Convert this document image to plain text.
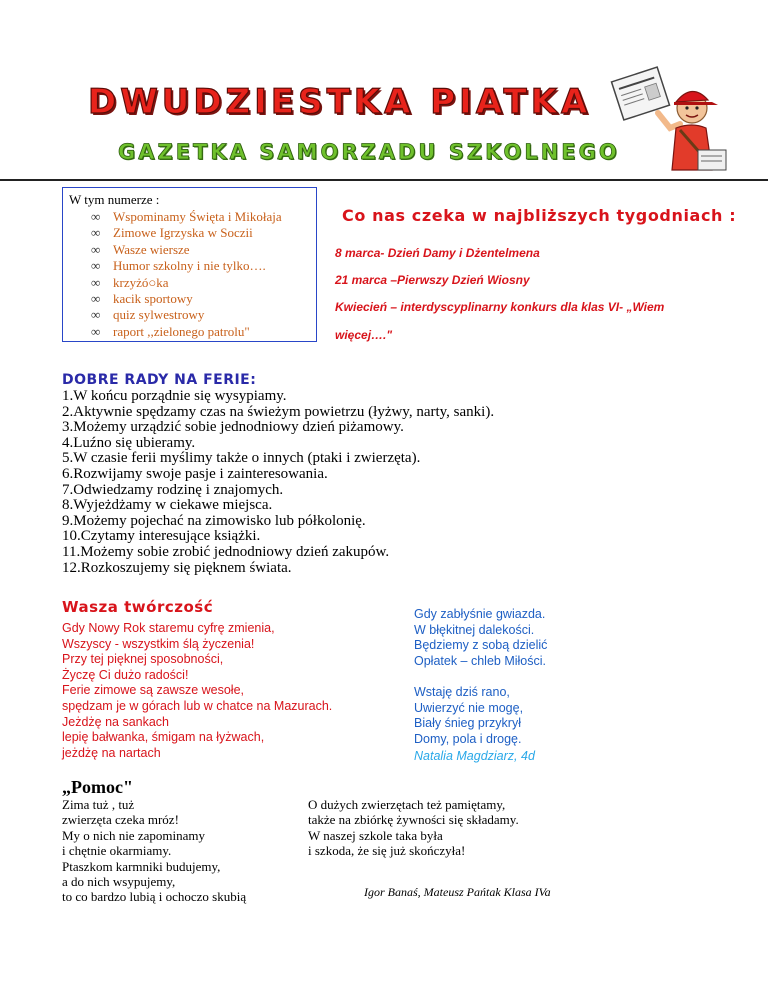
DWUDZIESTKA PIATKA
GAZETKA SAMORZADU SZKOLNEGO
W tym numerze :
∞ Wspominamy Święta i Mikołaja
∞ Zimowe Igrzyska w Soczii
∞ Wasze wiersze
∞ Humor szkolny i nie tylko….
∞ krzyżó○ka
∞ kacik sportowy
∞ quiz sylwestrowy
∞ raport ,,zielonego patrolu"
Co nas czeka w najbliższych tygodniach :
8 marca- Dzień Damy i Dżentelmena
21 marca –Pierwszy Dzień Wiosny
Kwiecień – interdyscyplinarny konkurs dla klas VI- „Wiem
więcej…."
DOBRE RADY NA FERIE:
1.W końcu porządnie się wysypiamy.
2.Aktywnie spędzamy czas na świeżym powietrzu (łyżwy, narty, sanki).
3.Możemy urządzić sobie jednodniowy dzień piżamowy.
4.Luźno się ubieramy.
5.W czasie ferii myślimy także o innych (ptaki i zwierzęta).
6.Rozwijamy swoje pasje i zainteresowania.
7.Odwiedzamy rodzinę i znajomych.
8.Wyjeżdżamy w ciekawe miejsca.
9.Możemy pojechać na zimowisko lub półkolonię.
10.Czytamy interesujące książki.
11.Możemy sobie zrobić jednodniowy dzień zakupów.
12.Rozkoszujemy się pięknem świata.
Wasza twórczość
Gdy Nowy Rok staremu cyfrę zmienia,
Wszyscy - wszystkim ślą życzenia!
Przy tej pięknej sposobności,
Życzę Ci dużo radości!
Ferie zimowe są zawsze wesołe,
spędzam je w górach lub w chatce na Mazurach.
Jeżdżę na sankach
lepię bałwanka, śmigam na łyżwach,
jeżdżę na nartach
Gdy zabłyśnie gwiazda.
W błękitnej dalekości.
Będziemy z sobą dzielić
Opłatek – chleb Miłości.
Wstaję dziś rano,
Uwierzyć nie mogę,
Biały śnieg przykrył
Domy, pola i drogę.
Natalia Magdziarz, 4d
„Pomoc"
Zima tuż , tuż
zwierzęta czeka mróz!
My o nich nie zapominamy
i chętnie okarmiamy.
Ptaszkom karmniki budujemy,
a do nich wsypujemy,
to co bardzo lubią i ochoczo skubią
O dużych zwierzętach też pamiętamy,
także na zbiórkę żywności się składamy.
W naszej szkole taka była
i szkoda, że się już skończyła!
Igor Banaś, Mateusz Pańtak Klasa IVa
